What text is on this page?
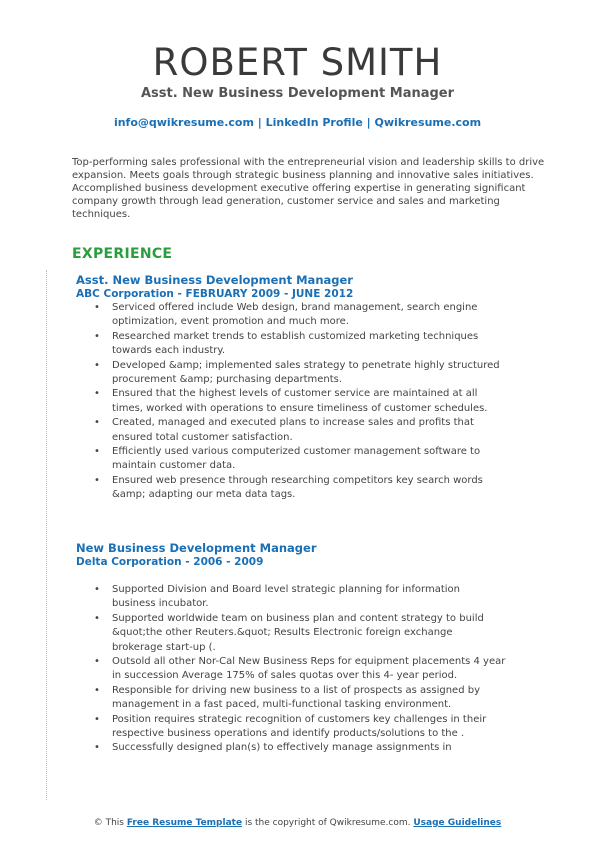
ROBERT SMITH
Asst. New Business Development Manager
info@qwikresume.com | LinkedIn Profile | Qwikresume.com
Top-performing sales professional with the entrepreneurial vision and leadership skills to drive expansion. Meets goals through strategic business planning and innovative sales initiatives. Accomplished business development executive offering expertise in generating significant company growth through lead generation, customer service and sales and marketing techniques.
EXPERIENCE
Asst. New Business Development Manager
ABC Corporation - FEBRUARY 2009 - JUNE 2012
• Serviced offered include Web design, brand management, search engine optimization, event promotion and much more.
• Researched market trends to establish customized marketing techniques towards each industry.
• Developed &amp; implemented sales strategy to penetrate highly structured procurement &amp; purchasing departments.
• Ensured that the highest levels of customer service are maintained at all times, worked with operations to ensure timeliness of customer schedules.
• Created, managed and executed plans to increase sales and profits that ensured total customer satisfaction.
• Efficiently used various computerized customer management software to maintain customer data.
• Ensured web presence through researching competitors key search words &amp; adapting our meta data tags.
New Business Development Manager
Delta Corporation - 2006 - 2009
• Supported Division and Board level strategic planning for information business incubator.
• Supported worldwide team on business plan and content strategy to build &quot;the other Reuters.&quot; Results Electronic foreign exchange brokerage start-up (.
• Outsold all other Nor-Cal New Business Reps for equipment placements 4 year in succession Average 175% of sales quotas over this 4- year period.
• Responsible for driving new business to a list of prospects as assigned by management in a fast paced, multi-functional tasking environment.
• Position requires strategic recognition of customers key challenges in their respective business operations and identify products/solutions to the .
• Successfully designed plan(s) to effectively manage assignments in
© This Free Resume Template is the copyright of Qwikresume.com. Usage Guidelines
